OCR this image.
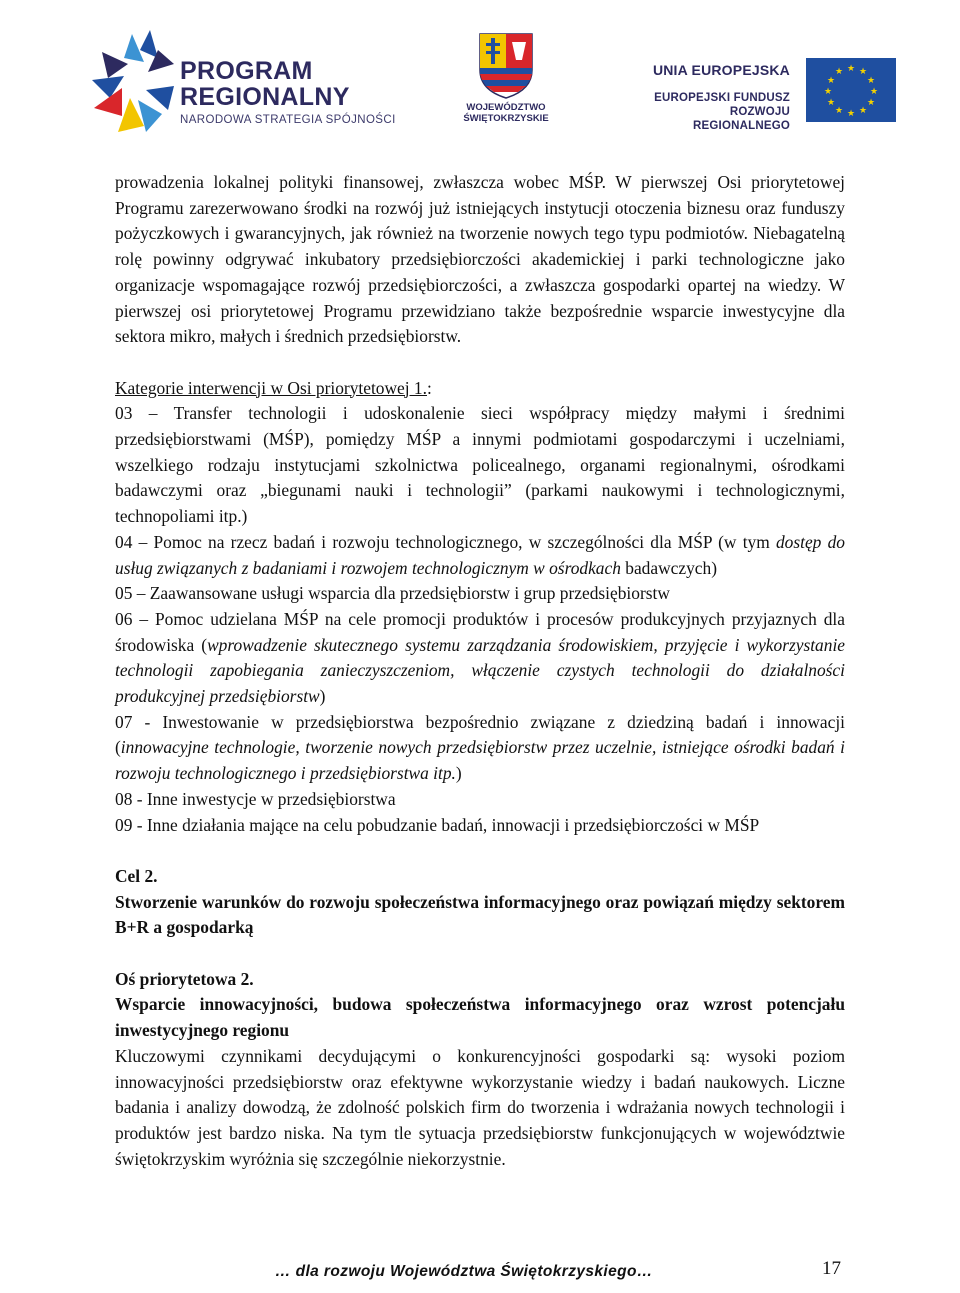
PROGRAM
REGIONALNY
NARODOWA STRATEGIA SPÓJNOŚCI
WOJEWÓDZTWO
ŚWIĘTOKRZYSKIE
UNIA EUROPEJSKA
EUROPEJSKI FUNDUSZ
ROZWOJU REGIONALNEGO
★ ★
★
★
★
★
★
★
★
★
★
★

prowadzenia lokalnej polityki finansowej, zwłaszcza wobec MŚP. W pierwszej Osi priorytetowej Programu zarezerwowano środki na rozwój już istniejących instytucji otoczenia biznesu oraz funduszy pożyczkowych i gwarancyjnych, jak również na tworzenie nowych tego typu podmiotów. Niebagatelną rolę powinny odgrywać inkubatory przedsiębiorczości akademickiej i parki technologiczne jako organizacje wspomagające rozwój przedsiębiorczości, a zwłaszcza gospodarki opartej na wiedzy. W pierwszej osi priorytetowej Programu przewidziano także bezpośrednie wsparcie inwestycyjne dla sektora mikro, małych i średnich przedsiębiorstw.

Kategorie interwencji w Osi priorytetowej 1.:

03 – Transfer technologii i udoskonalenie sieci współpracy między małymi i średnimi przedsiębiorstwami (MŚP), pomiędzy MŚP a innymi podmiotami gospodarczymi i uczelniami, wszelkiego rodzaju instytucjami szkolnictwa policealnego, organami regionalnymi, ośrodkami badawczymi oraz „biegunami nauki i technologii” (parkami naukowymi i technologicznymi, technopoliami itp.)

04 – Pomoc na rzecz badań i rozwoju technologicznego, w szczególności dla MŚP (w tym dostęp do usług związanych z badaniami i rozwojem technologicznym w ośrodkach badawczych)

05 – Zaawansowane usługi wsparcia dla przedsiębiorstw i grup przedsiębiorstw

06 – Pomoc udzielana MŚP na cele promocji produktów i procesów produkcyjnych przyjaznych dla środowiska (wprowadzenie skutecznego systemu zarządzania środowiskiem, przyjęcie i wykorzystanie technologii zapobiegania zanieczyszczeniom, włączenie czystych technologii do działalności produkcyjnej przedsiębiorstw)

07 - Inwestowanie w przedsiębiorstwa bezpośrednio związane z dziedziną badań i innowacji (innowacyjne technologie, tworzenie nowych przedsiębiorstw przez uczelnie, istniejące ośrodki badań i rozwoju technologicznego i przedsiębiorstwa itp.)

08 - Inne inwestycje w przedsiębiorstwa

09 - Inne działania mające na celu pobudzanie badań, innowacji i przedsiębiorczości w MŚP

Cel 2.

Stworzenie warunków do rozwoju społeczeństwa informacyjnego oraz powiązań między sektorem B+R a gospodarką

Oś priorytetowa 2.

Wsparcie innowacyjności, budowa społeczeństwa informacyjnego oraz wzrost potencjału inwestycyjnego regionu

Kluczowymi czynnikami decydującymi o konkurencyjności gospodarki są: wysoki poziom innowacyjności przedsiębiorstw oraz efektywne wykorzystanie wiedzy i badań naukowych. Liczne badania i analizy dowodzą, że zdolność polskich firm do tworzenia i wdrażania nowych technologii i produktów jest bardzo niska. Na tym tle sytuacja przedsiębiorstw funkcjonujących w województwie świętokrzyskim wyróżnia się szczególnie niekorzystnie.

… dla rozwoju Województwa Świętokrzyskiego…	17
